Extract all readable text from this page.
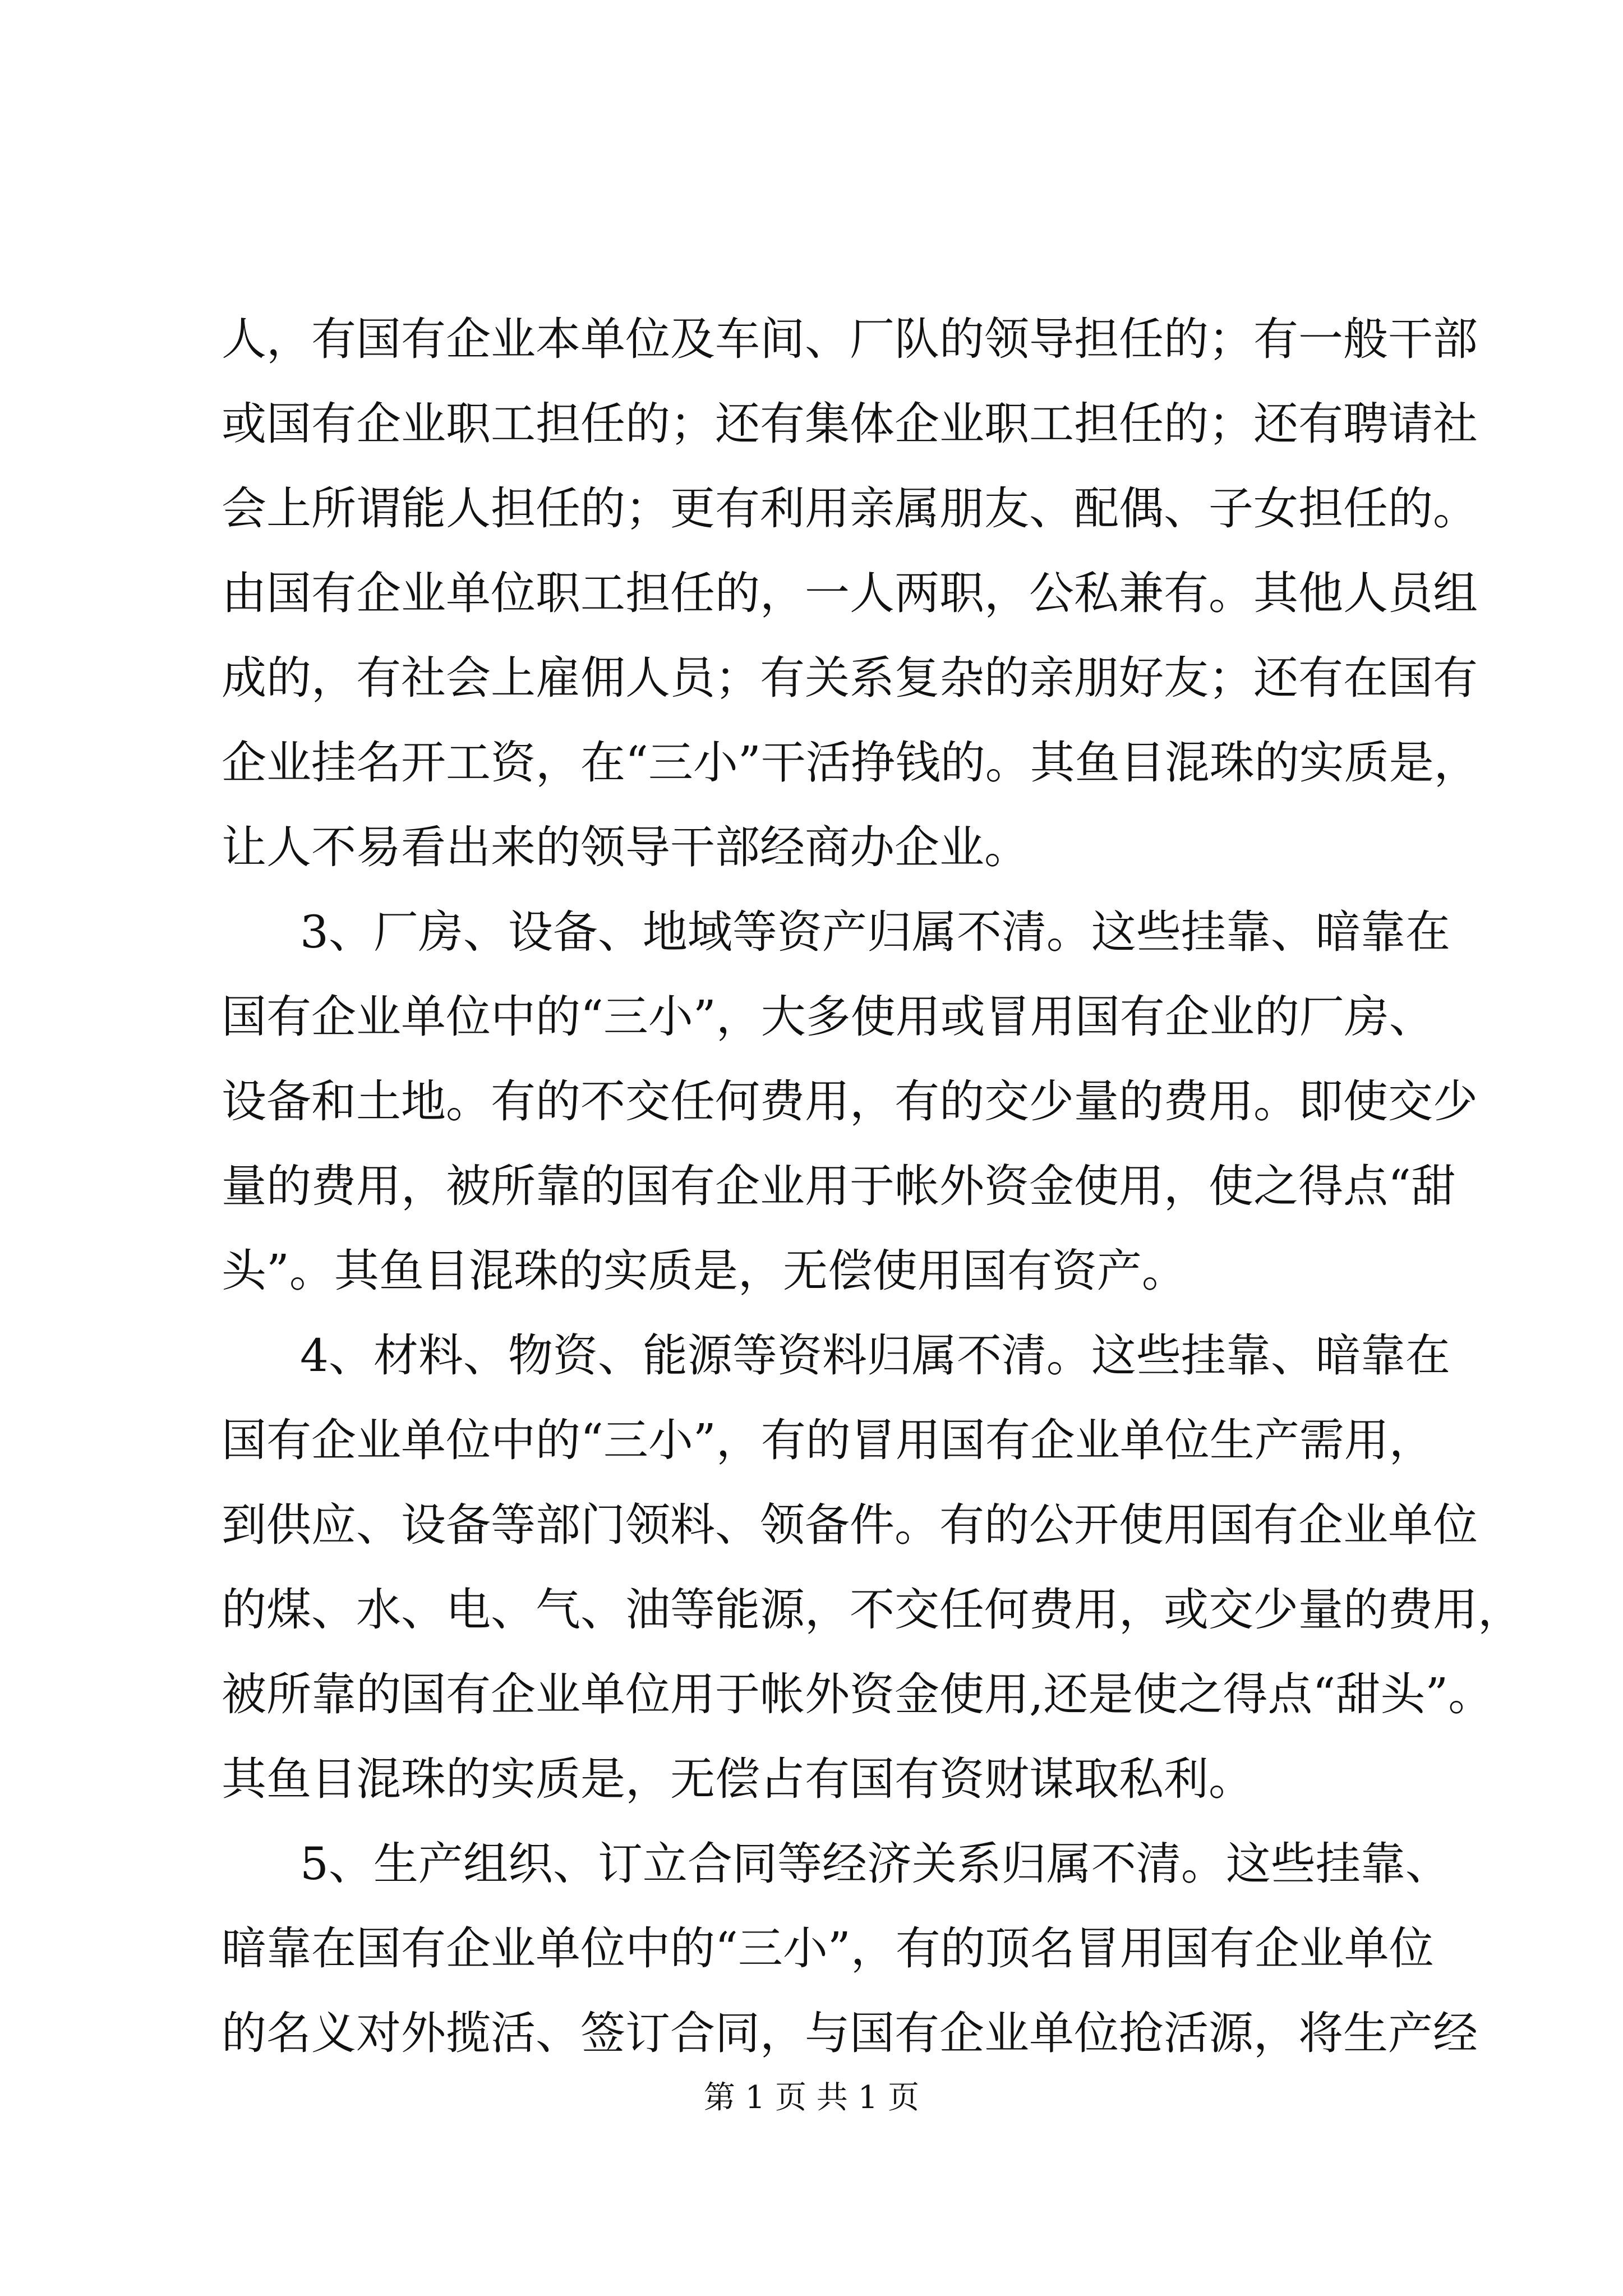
人，有国有企业本单位及车间、厂队的领导担任的；有一般干部
或国有企业职工担任的；还有集体企业职工担任的；还有聘请社
会上所谓能人担任的；更有利用亲属朋友、配偶、子女担任的。
由国有企业单位职工担任的，一人两职，公私兼有。其他人员组
成的，有社会上雇佣人员；有关系复杂的亲朋好友；还有在国有
企业挂名开工资，在“三小”干活挣钱的。其鱼目混珠的实质是，
让人不易看出来的领导干部经商办企业。
3、厂房、设备、地域等资产归属不清。这些挂靠、暗靠在
国有企业单位中的“三小”，大多使用或冒用国有企业的厂房、
设备和土地。有的不交任何费用，有的交少量的费用。即使交少
量的费用，被所靠的国有企业用于帐外资金使用，使之得点“甜
头”。其鱼目混珠的实质是，无偿使用国有资产。
4、材料、物资、能源等资料归属不清。这些挂靠、暗靠在
国有企业单位中的“三小”，有的冒用国有企业单位生产需用，
到供应、设备等部门领料、领备件。有的公开使用国有企业单位
的煤、水、电、气、油等能源，不交任何费用，或交少量的费用，
被所靠的国有企业单位用于帐外资金使用,还是使之得点“甜头”。
其鱼目混珠的实质是，无偿占有国有资财谋取私利。
5、生产组织、订立合同等经济关系归属不清。这些挂靠、
暗靠在国有企业单位中的“三小”，有的顶名冒用国有企业单位
的名义对外揽活、签订合同，与国有企业单位抢活源，将生产经
第 1 页 共 1 页
